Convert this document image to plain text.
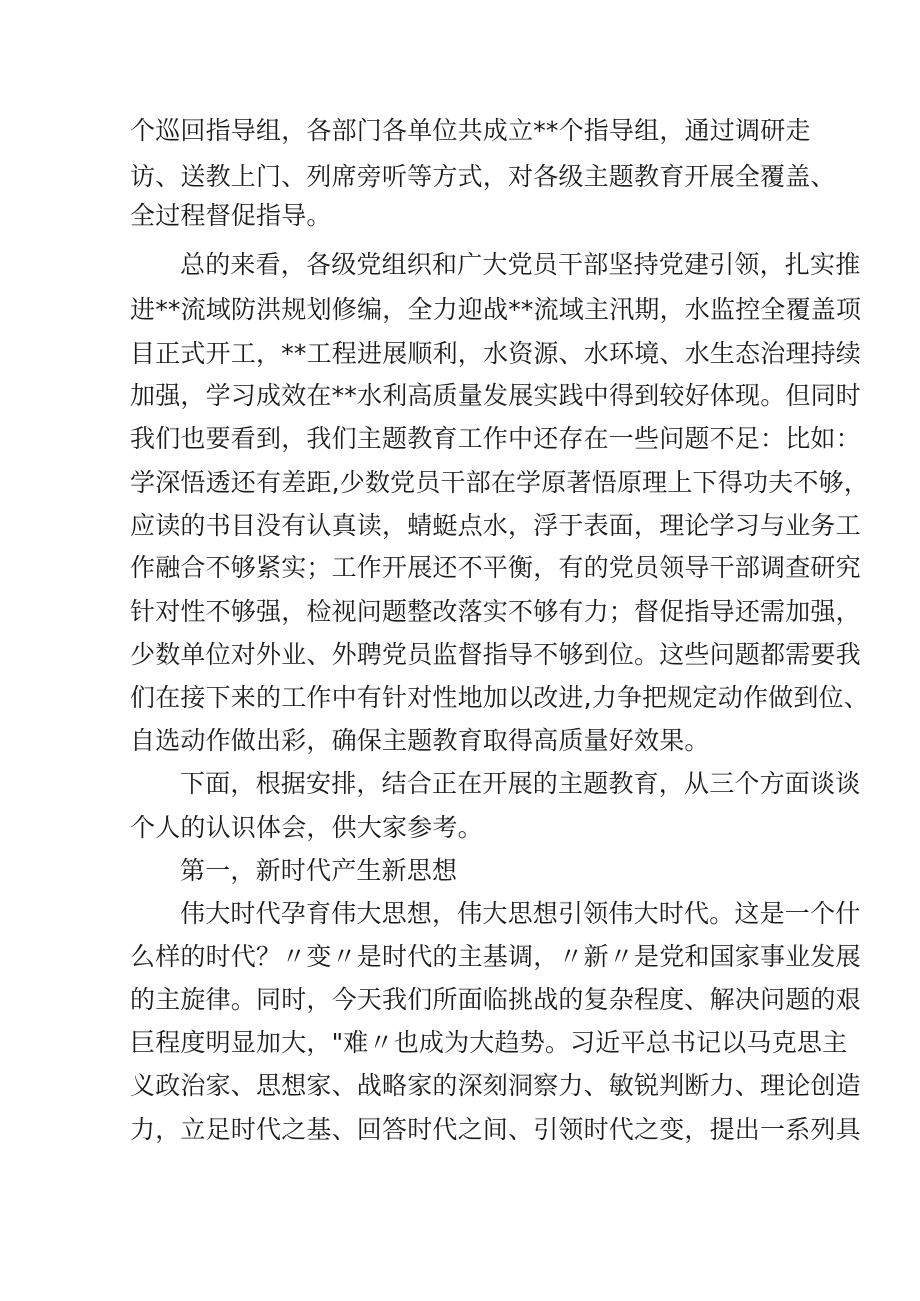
个巡回指导组，各部门各单位共成立**个指导组，通过调研走
访、送教上门、列席旁听等方式，对各级主题教育开展全覆盖、
全过程督促指导。
总的来看，各级党组织和广大党员干部坚持党建引领，扎实推
进**流域防洪规划修编，全力迎战**流域主汛期，水监控全覆盖项
目正式开工，**工程进展顺利，水资源、水环境、水生态治理持续
加强，学习成效在**水利高质量发展实践中得到较好体现。但同时
我们也要看到，我们主题教育工作中还存在一些问题不足：比如：
学深悟透还有差距,少数党员干部在学原著悟原理上下得功夫不够，
应读的书目没有认真读，蜻蜓点水，浮于表面，理论学习与业务工
作融合不够紧实；工作开展还不平衡，有的党员领导干部调查研究
针对性不够强，检视问题整改落实不够有力；督促指导还需加强，
少数单位对外业、外聘党员监督指导不够到位。这些问题都需要我
们在接下来的工作中有针对性地加以改进,力争把规定动作做到位、
自选动作做出彩，确保主题教育取得高质量好效果。
下面，根据安排，结合正在开展的主题教育，从三个方面谈谈
个人的认识体会，供大家参考。
第一，新时代产生新思想
伟大时代孕育伟大思想，伟大思想引领伟大时代。这是一个什
么样的时代？〃变〃是时代的主基调，〃新〃是党和国家事业发展
的主旋律。同时，今天我们所面临挑战的复杂程度、解决问题的艰
巨程度明显加大，"难〃也成为大趋势。习近平总书记以马克思主
义政治家、思想家、战略家的深刻洞察力、敏锐判断力、理论创造
力，立足时代之基、回答时代之间、引领时代之变，提出一系列具
